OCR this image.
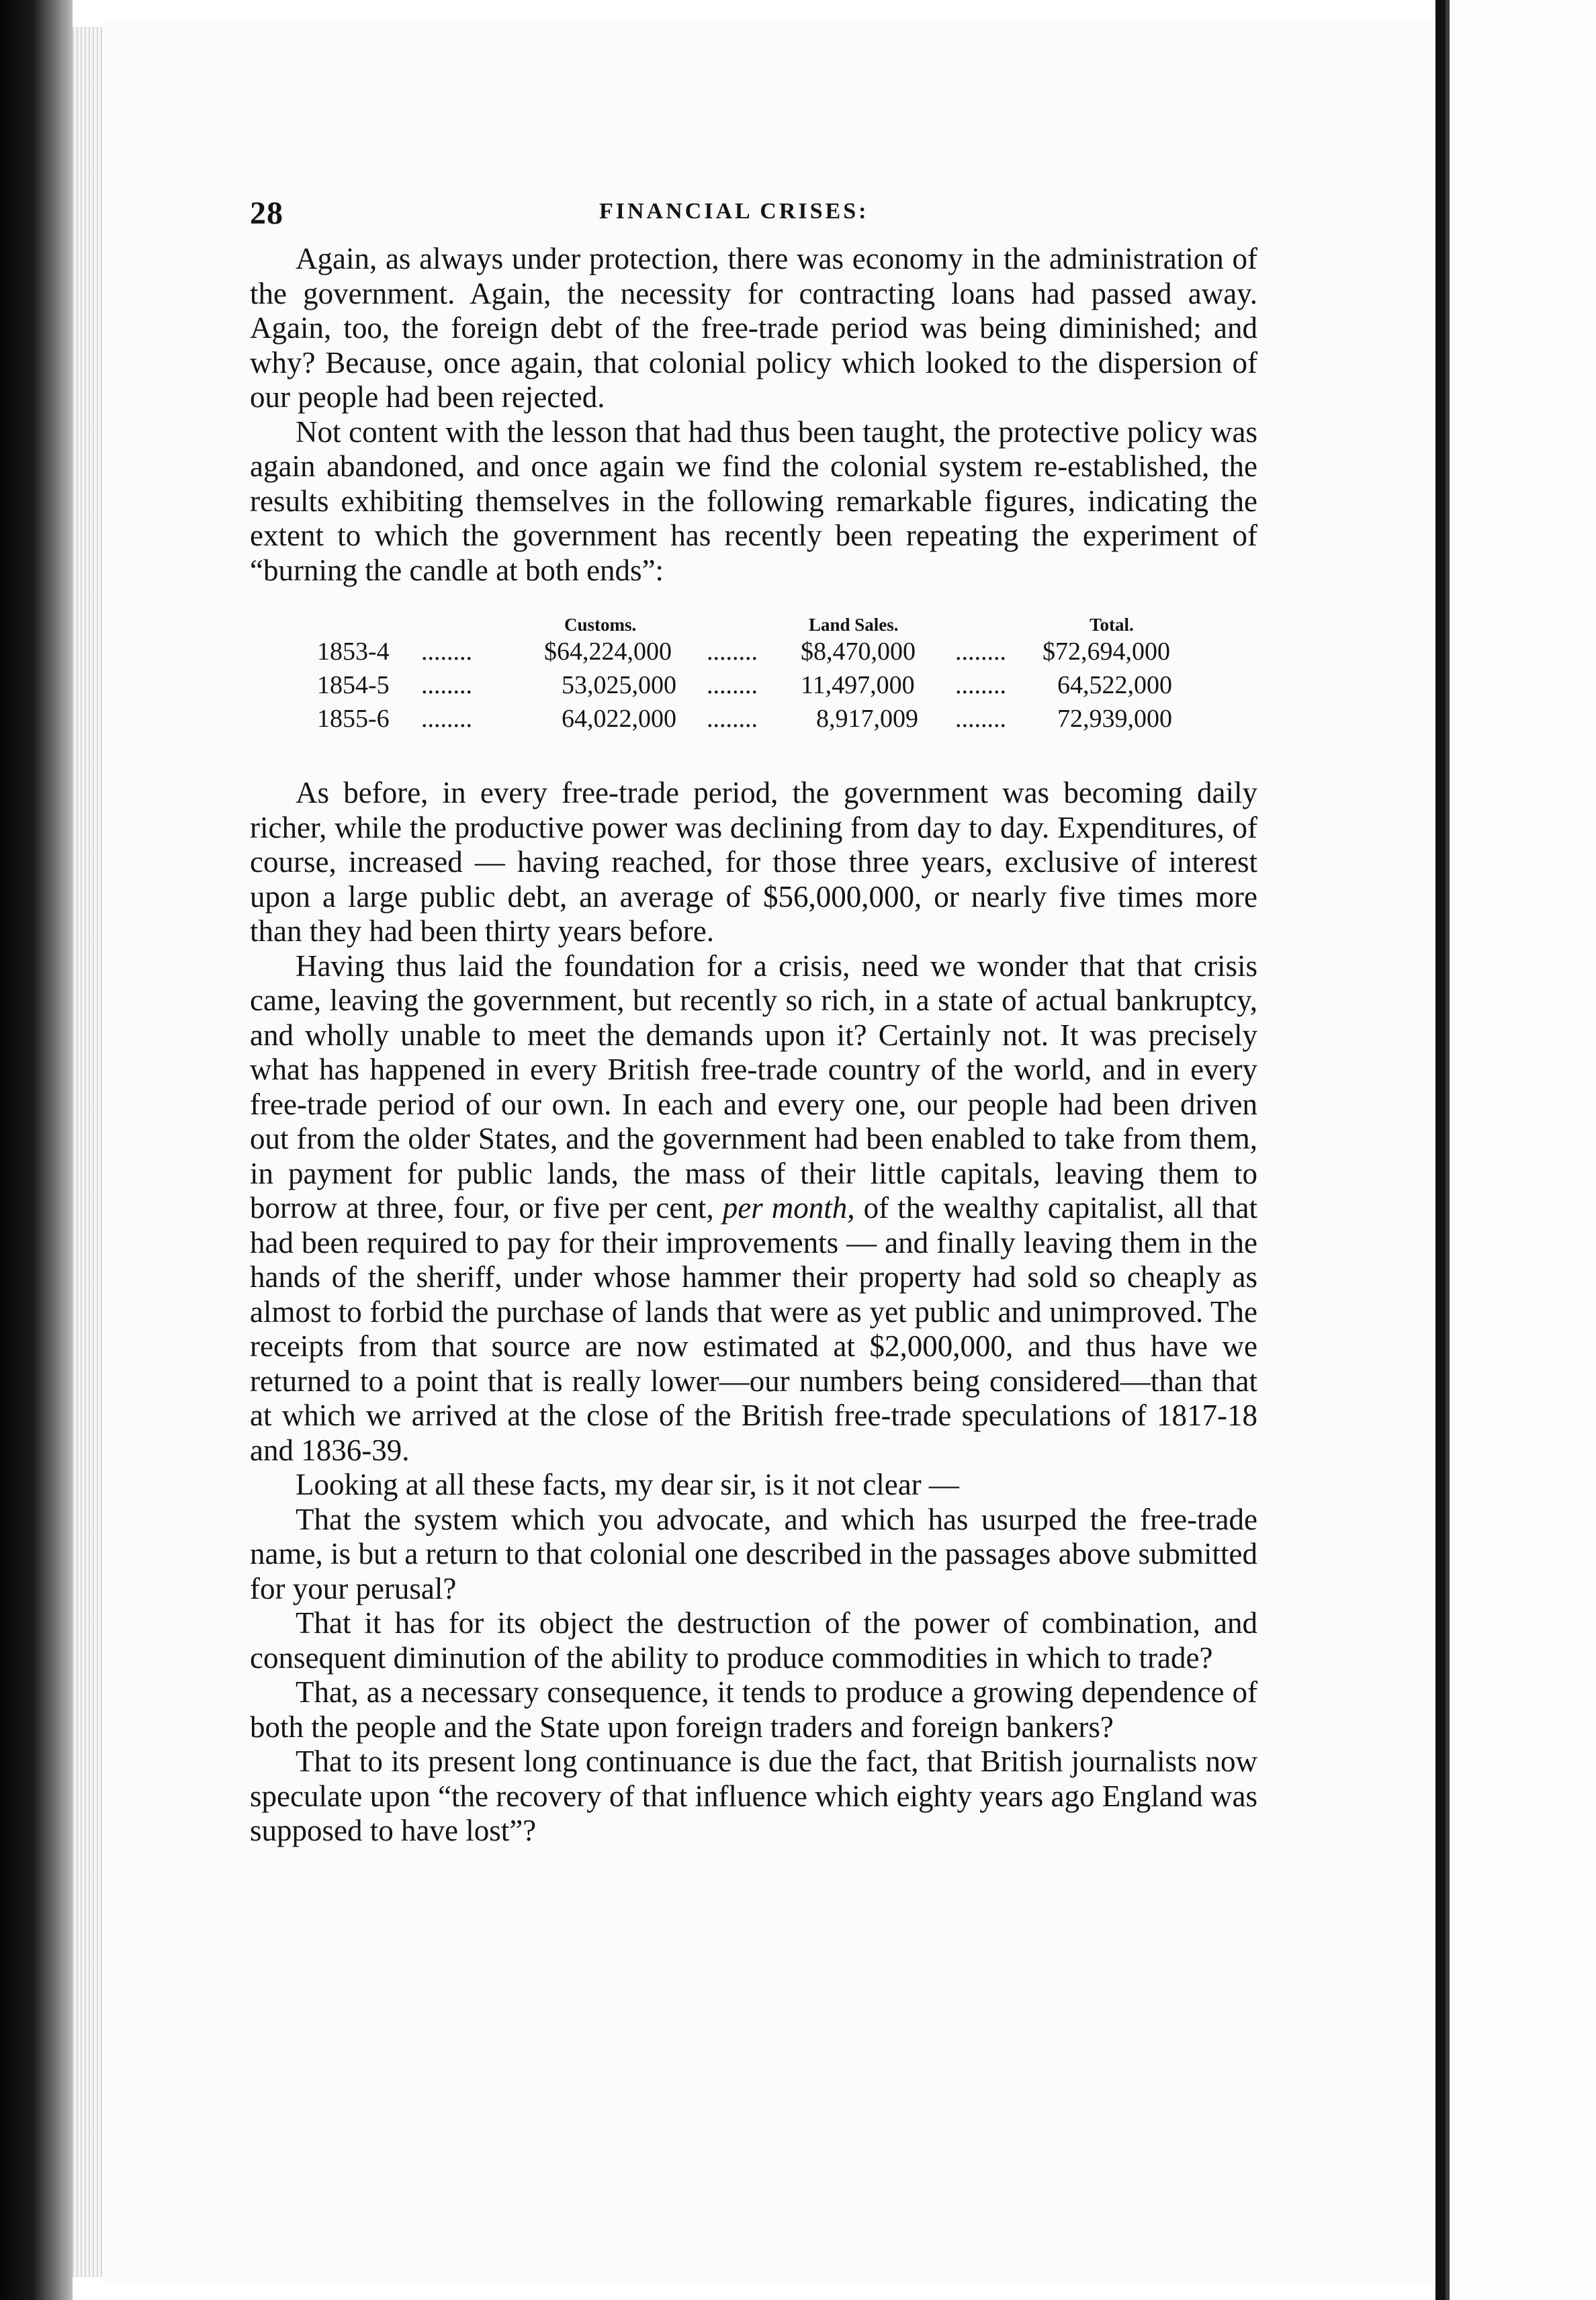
28	FINANCIAL CRISES:

Again, as always under protection, there was economy in the administration of the government. Again, the necessity for contracting loans had passed away. Again, too, the foreign debt of the free-trade period was being diminished; and why? Because, once again, that colonial policy which looked to the dispersion of our people had been rejected.

Not content with the lesson that had thus been taught, the protective policy was again abandoned, and once again we find the colonial system re-established, the results exhibiting themselves in the following remarkable figures, indicating the extent to which the government has recently been repeating the experiment of “burning the candle at both ends”:

Customs.	Land Sales.	Total.
1853-4 ........	$64,224,000 ........ $8,470,000 ........ $72,694,000
1854-5 ........	53,025,000 ........ 11,497,000 ........ 64,522,000
1855-6 ........	64,022,000 ........ 8,917,009 ........ 72,939,000

As before, in every free-trade period, the government was becoming daily richer, while the productive power was declining from day to day. Expenditures, of course, increased — having reached, for those three years, exclusive of interest upon a large public debt, an average of $56,000,000, or nearly five times more than they had been thirty years before.

Having thus laid the foundation for a crisis, need we wonder that that crisis came, leaving the government, but recently so rich, in a state of actual bankruptcy, and wholly unable to meet the demands upon it? Certainly not. It was precisely what has happened in every British free-trade country of the world, and in every free-trade period of our own. In each and every one, our people had been driven out from the older States, and the government had been enabled to take from them, in payment for public lands, the mass of their little capitals, leaving them to borrow at three, four, or five per cent, per month, of the wealthy capitalist, all that had been required to pay for their improvements — and finally leaving them in the hands of the sheriff, under whose hammer their property had sold so cheaply as almost to forbid the purchase of lands that were as yet public and unimproved. The receipts from that source are now estimated at $2,000,000, and thus have we returned to a point that is really lower—our numbers being considered—than that at which we arrived at the close of the British free-trade speculations of 1817-18 and 1836-39.

Looking at all these facts, my dear sir, is it not clear —

That the system which you advocate, and which has usurped the free-trade name, is but a return to that colonial one described in the passages above submitted for your perusal?

That it has for its object the destruction of the power of combination, and consequent diminution of the ability to produce commodities in which to trade?

That, as a necessary consequence, it tends to produce a growing dependence of both the people and the State upon foreign traders and foreign bankers?

That to its present long continuance is due the fact, that British journalists now speculate upon “the recovery of that influence which eighty years ago England was supposed to have lost”?
